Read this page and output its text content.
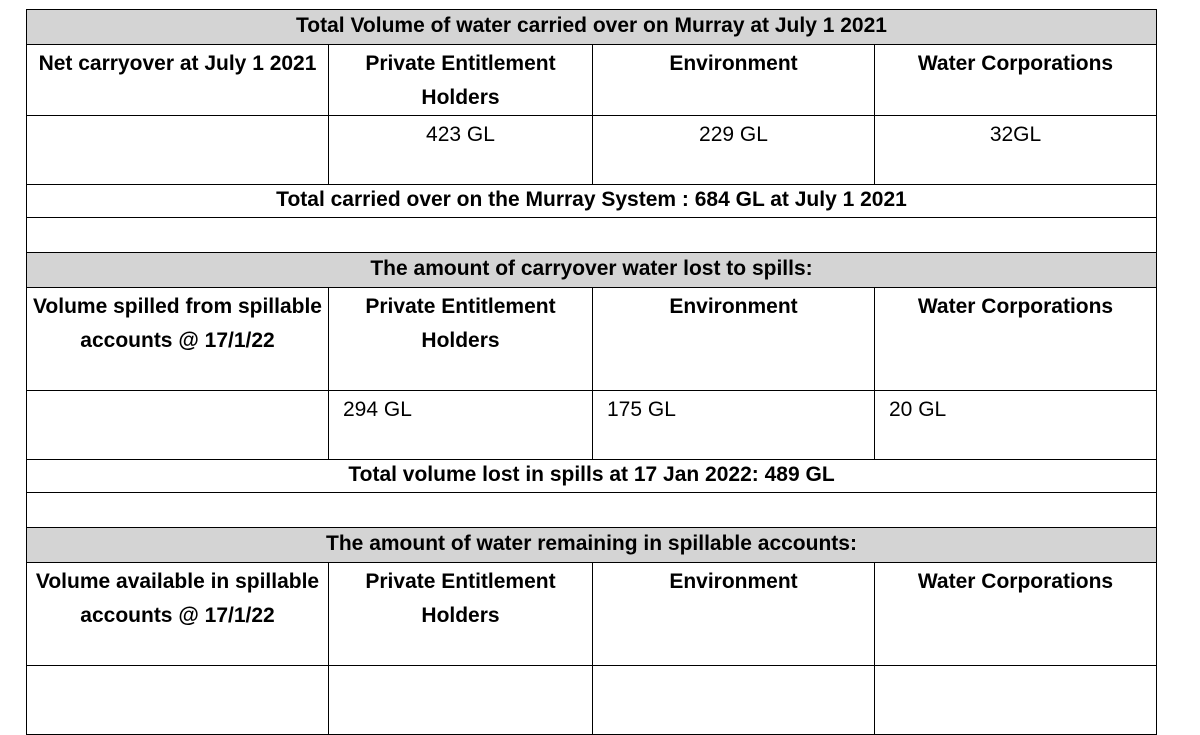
Total Volume of water carried over on Murray at July 1 2021			
Net carryover at July 1 2021	Private Entitlement Holders	Environment	Water Corporations
	423 GL	229 GL	32GL
Total carried over on the Murray System : 684 GL at July 1 2021			

The amount of carryover water lost to spills:			
Volume spilled from spillable accounts @ 17/1/22	Private Entitlement Holders	Environment	Water Corporations
	294 GL	175 GL	20 GL
Total volume lost in spills at 17 Jan 2022: 489 GL			

The amount of water remaining in spillable accounts:			
Volume available in spillable accounts @ 17/1/22	Private Entitlement Holders	Environment	Water Corporations
